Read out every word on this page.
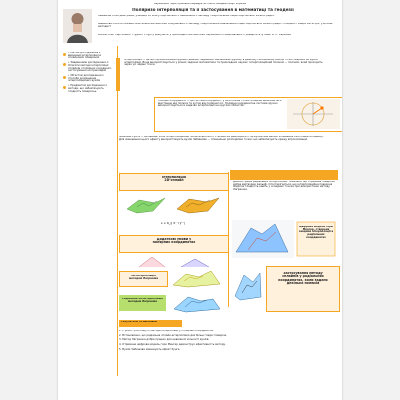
Харківська територіальна кафедра ім. Малої академії наук України
Поляризо інтерполяція та її застосування в математиці та геодезії
Кешеніна Юлія Дмитрівна, учениця 10 класу Херсонського навчального закладу «Херсонський ліцей Херсонської міської ради»
Шевалова Юлія Віталіївна, вчителька математики Комунального закладу «Херсонський навчальний ліцей Херсонської міської ради», спеціаліст вищої категорії, учитель-методист
Волків Олег Сергійович, студент 1 курсу факультету прикладної математики Харківського національного університету імені В. Н. Каразіна
• Метою дослідження є вивчення інтерполяції в сплайнових поверхнях
• Завданнями дослідження є: Описати методи інтерполяції сплайнів і полярних координат, застосування на прикладах
• Об'єктом дослідження є способи розміщення інтерполяційних вузлів
• Предметом дослідження є методи, що забезпечують гладкість поверхонь
Інтерполяція — це метод наближення функції деяким, заданими значеннями функції в деякому скінченному наборі точок, відомих як вузли інтерполяції. Вона використовується у різних задачах математики та прикладних науках. Інтерполяційний поліном — поліном, який проходить через усі задані точки.
Полярні координати — це система координат, у якій кожна точка площини визначається відстанню від полюса та кутом від полярної осі. Полярна координатна система зручно використовується в задачах інтерполяції на круглих областях.
Феномен Рунге — це явище, коли інтерполяційний поліном високого степеня на рівномірній сітці вузлів має великі коливання біля кінців інтервалу. Для зменшення цього ефекту використовують вузли Чебишова — спеціально розподілені точки, що забезпечують кращу апроксимацію.
Інтерполяція
2D-сплайн
Σ Σ a_ij x^i y^j
Додаткові умови у
полярних координатах
2D-інтерполяція
методом Лагранжа
Радіальна 2D-інтерполяція
методом Лагранжа
Демонстрація радіальних інтерполяцій: показано, що отримана поверхня добре відтворює рельєф. Спостерігається, що інтерполяційна поверхня зберігає гладкість навіть у складних точках при використанні методу Лагранжа.
Цифрова модель гори
Менгер, створена
завдяки інтерполяції в
радіальних
координатах
Застосування методу
сплайнів у радіальних
координатах, коли задано
декілька полюсів
Результати та висновки
1. У роботі розглянуто методи інтерполяції у полярних координатах.
2. Встановлено, що радіальна сплайн-інтерполяція дає більш гладкі поверхні.
3. Метод Лагранжа добре працює для невеликої кількості вузлів.
4. Отримана цифрова модель гори Менгер демонструє ефективність методу.
5. Вузли Чебишова зменшують ефект Рунге.
